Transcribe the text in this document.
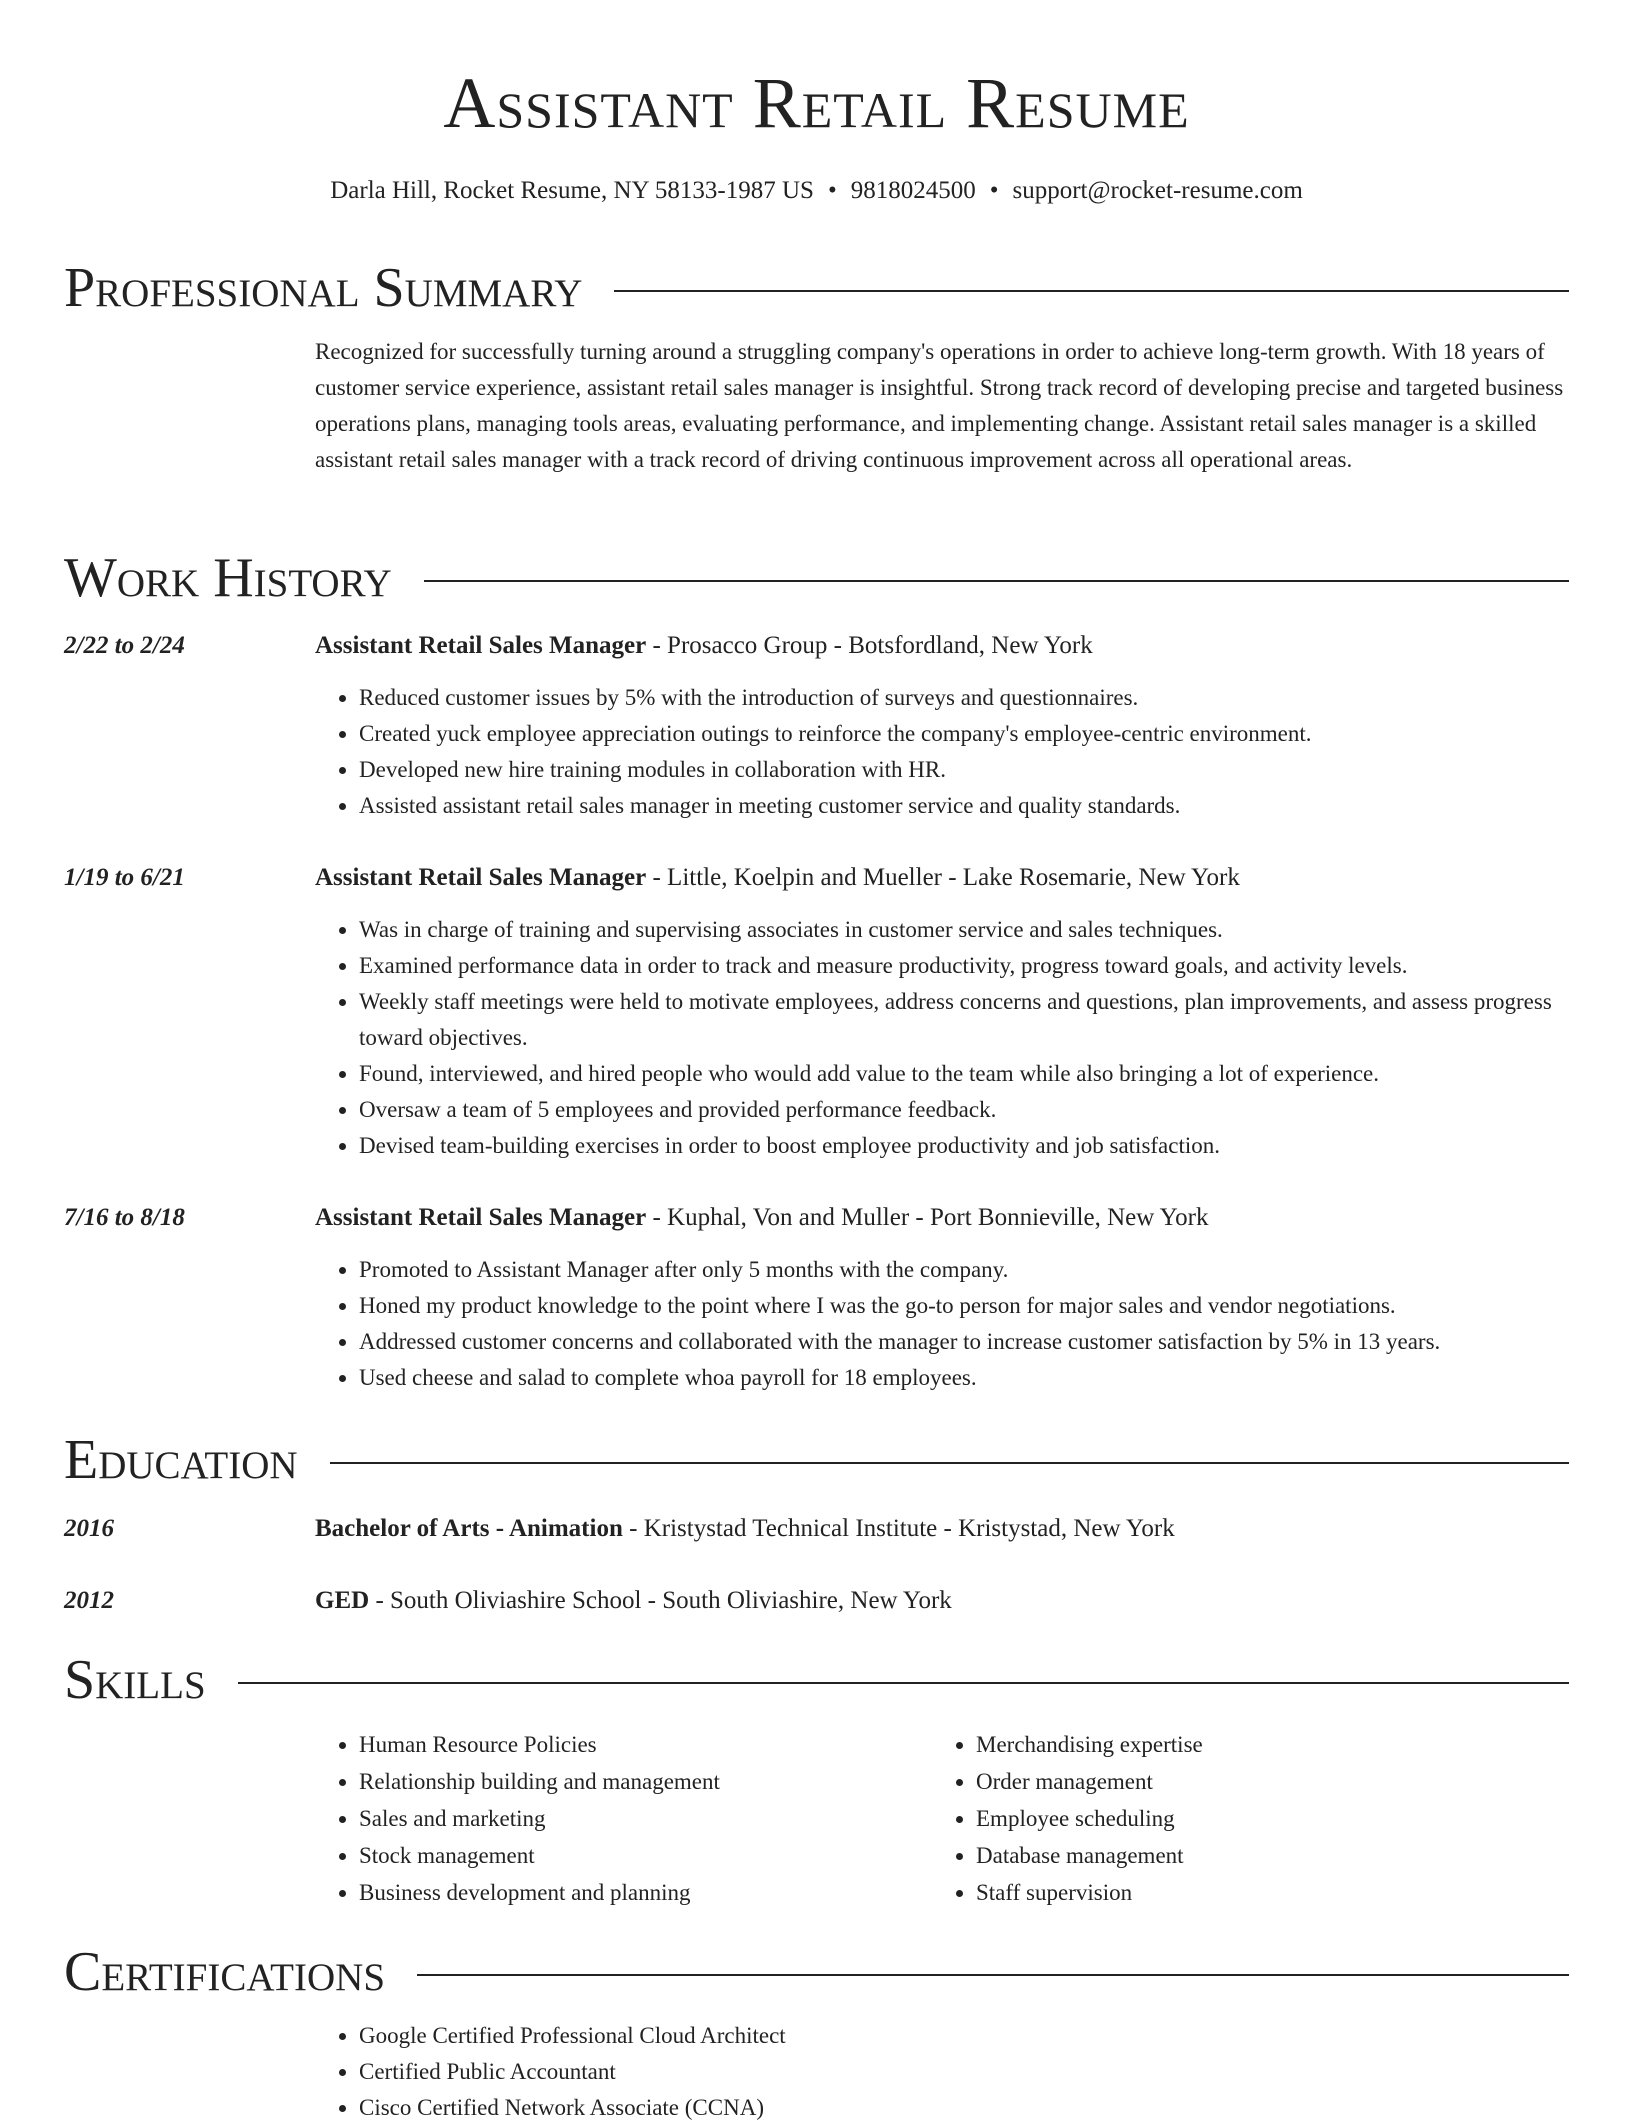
Assistant Retail Resume
Darla Hill, Rocket Resume, NY 58133-1987 US • 9818024500 • support@rocket-resume.com
Professional Summary

Recognized for successfully turning around a struggling company's operations in order to achieve long-term growth. With 18 years of customer service experience, assistant retail sales manager is insightful. Strong track record of developing precise and targeted business operations plans, managing tools areas, evaluating performance, and implementing change. Assistant retail sales manager is a skilled assistant retail sales manager with a track record of driving continuous improvement across all operational areas.

Work History
2/22 to 2/24	Assistant Retail Sales Manager - Prosacco Group - Botsfordland, New York
• Reduced customer issues by 5% with the introduction of surveys and questionnaires.
• Created yuck employee appreciation outings to reinforce the company's employee-centric environment.
• Developed new hire training modules in collaboration with HR.
• Assisted assistant retail sales manager in meeting customer service and quality standards.
1/19 to 6/21	Assistant Retail Sales Manager - Little, Koelpin and Mueller - Lake Rosemarie, New York
• Was in charge of training and supervising associates in customer service and sales techniques.
• Examined performance data in order to track and measure productivity, progress toward goals, and activity levels.
• Weekly staff meetings were held to motivate employees, address concerns and questions, plan improvements, and assess progress toward objectives.
• Found, interviewed, and hired people who would add value to the team while also bringing a lot of experience.
• Oversaw a team of 5 employees and provided performance feedback.
• Devised team-building exercises in order to boost employee productivity and job satisfaction.
7/16 to 8/18	Assistant Retail Sales Manager - Kuphal, Von and Muller - Port Bonnieville, New York
• Promoted to Assistant Manager after only 5 months with the company.
• Honed my product knowledge to the point where I was the go-to person for major sales and vendor negotiations.
• Addressed customer concerns and collaborated with the manager to increase customer satisfaction by 5% in 13 years.
• Used cheese and salad to complete whoa payroll for 18 employees.
Education
2016	Bachelor of Arts - Animation - Kristystad Technical Institute - Kristystad, New York
2012	GED - South Oliviashire School - South Oliviashire, New York
Skills
• Human Resource Policies
• Relationship building and management
• Sales and marketing
• Stock management
• Business development and planning
• Merchandising expertise
• Order management
• Employee scheduling
• Database management
• Staff supervision
Certifications
• Google Certified Professional Cloud Architect
• Certified Public Accountant
• Cisco Certified Network Associate (CCNA)
